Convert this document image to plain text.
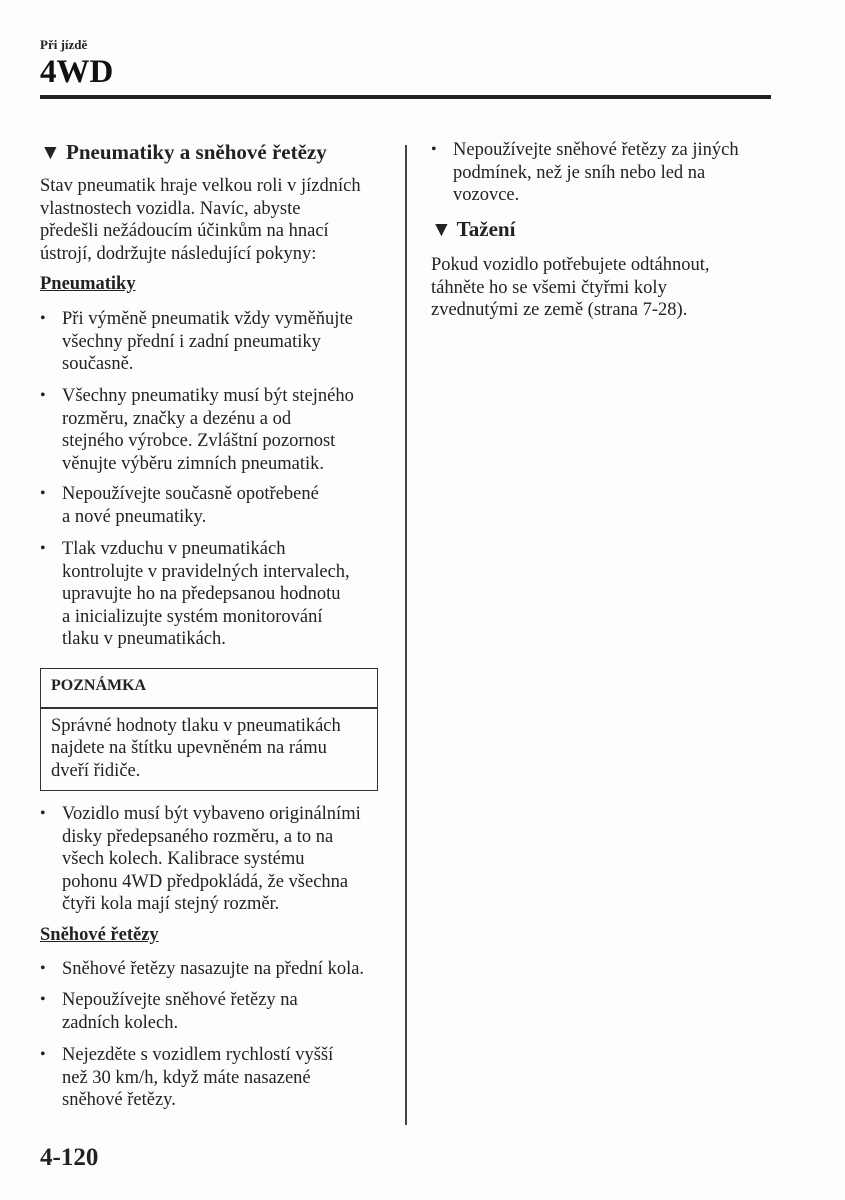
Při jízdě
4WD
▼ Pneumatiky a sněhové řetězy
Stav pneumatik hraje velkou roli v jízdních
vlastnostech vozidla. Navíc, abyste
předešli nežádoucím účinkům na hnací
ústrojí, dodržujte následující pokyny:
Pneumatiky
• Při výměně pneumatik vždy vyměňujte
všechny přední i zadní pneumatiky
současně.
• Všechny pneumatiky musí být stejného
rozměru, značky a dezénu a od
stejného výrobce. Zvláštní pozornost
věnujte výběru zimních pneumatik.
• Nepoužívejte současně opotřebené
a nové pneumatiky.
• Tlak vzduchu v pneumatikách
kontrolujte v pravidelných intervalech,
upravujte ho na předepsanou hodnotu
a inicializujte systém monitorování
tlaku v pneumatikách.
POZNÁMKA
Správné hodnoty tlaku v pneumatikách
najdete na štítku upevněném na rámu
dveří řidiče.
• Vozidlo musí být vybaveno originálními
disky předepsaného rozměru, a to na
všech kolech. Kalibrace systému
pohonu 4WD předpokládá, že všechna
čtyři kola mají stejný rozměr.
Sněhové řetězy
• Sněhové řetězy nasazujte na přední kola.
• Nepoužívejte sněhové řetězy na
zadních kolech.
• Nejezděte s vozidlem rychlostí vyšší
než 30 km/h, když máte nasazené
sněhové řetězy.
• Nepoužívejte sněhové řetězy za jiných
podmínek, než je sníh nebo led na
vozovce.
▼ Tažení
Pokud vozidlo potřebujete odtáhnout,
táhněte ho se všemi čtyřmi koly
zvednutými ze země (strana 7-28).
4-120
